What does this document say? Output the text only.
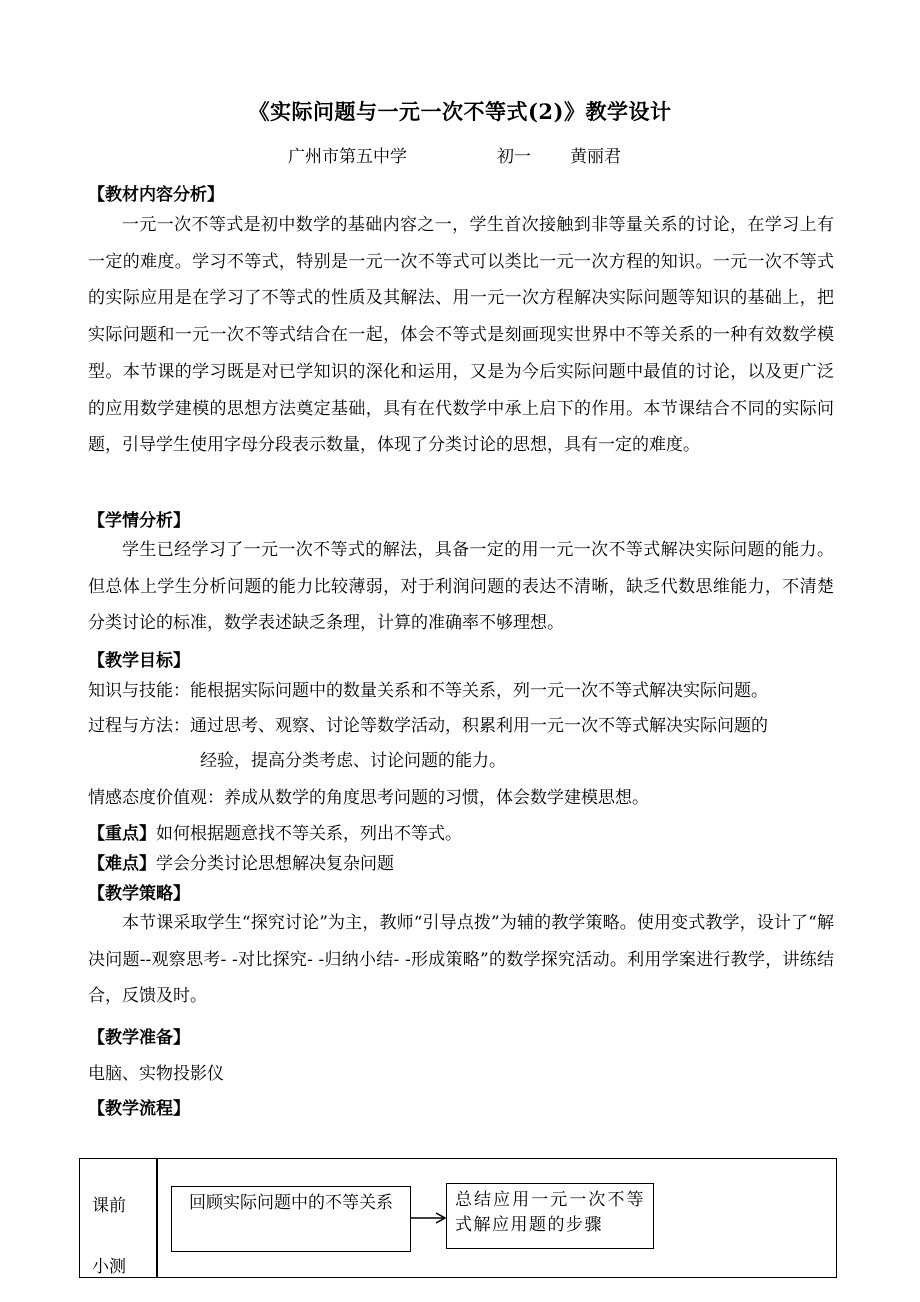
《实际问题与一元一次不等式(2)》教学设计
广州市第五中学	初一 黄丽君
【教材内容分析】

一元一次不等式是初中数学的基础内容之一，学生首次接触到非等量关系的讨论，在学习上有一定的难度。学习不等式，特别是一元一次不等式可以类比一元一次方程的知识。一元一次不等式的实际应用是在学习了不等式的性质及其解法、用一元一次方程解决实际问题等知识的基础上，把实际问题和一元一次不等式结合在一起，体会不等式是刻画现实世界中不等关系的一种有效数学模型。本节课的学习既是对已学知识的深化和运用，又是为今后实际问题中最值的讨论，以及更广泛的应用数学建模的思想方法奠定基础，具有在代数学中承上启下的作用。本节课结合不同的实际问题，引导学生使用字母分段表示数量，体现了分类讨论的思想，具有一定的难度。

【学情分析】

学生已经学习了一元一次不等式的解法，具备一定的用一元一次不等式解决实际问题的能力。但总体上学生分析问题的能力比较薄弱，对于利润问题的表达不清晰，缺乏代数思维能力，不清楚分类讨论的标准，数学表述缺乏条理，计算的准确率不够理想。

【教学目标】
知识与技能：能根据实际问题中的数量关系和不等关系，列一元一次不等式解决实际问题。
过程与方法：通过思考、观察、讨论等数学活动，积累利用一元一次不等式解决实际问题的
经验，提高分类考虑、讨论问题的能力。
情感态度价值观：养成从数学的角度思考问题的习惯，体会数学建模思想。
【重点】如何根据题意找不等关系，列出不等式。
【难点】学会分类讨论思想解决复杂问题
【教学策略】

本节课采取学生“探究讨论”为主，教师“引导点拨”为辅的教学策略。使用变式教学，设计了“解决问题--观察思考- -对比探究- -归纳小结- -形成策略”的数学探究活动。利用学案进行教学，讲练结合，反馈及时。

【教学准备】
电脑、实物投影仪
【教学流程】
课前
小测
回顾实际问题中的不等关系	总结应用一元一次不等式解应用题的步骤
